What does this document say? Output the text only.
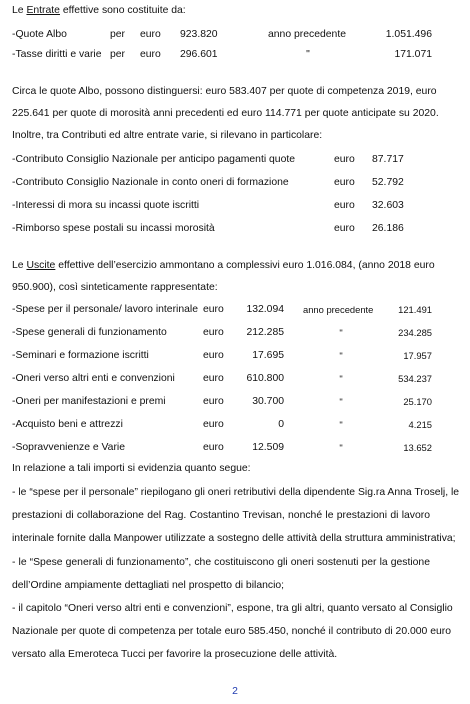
Le Entrate effettive sono costituite da:
-Quote Albo	per euro 923.820	anno precedente	1.051.496
-Tasse diritti e varie per euro 296.601	"	171.071
Circa le quote Albo, possono distinguersi: euro 583.407 per quote di competenza 2019, euro
225.641 per quote di morosità anni precedenti ed euro 114.771 per quote anticipate su 2020.
Inoltre, tra Contributi ed altre entrate varie, si rilevano in particolare:
-Contributo Consiglio Nazionale per anticipo pagamenti quote	euro 87.717
-Contributo Consiglio Nazionale in conto oneri di formazione	euro 52.792
-Interessi di mora su incassi quote iscritti	euro 32.603
-Rimborso spese postali su incassi morosità	euro 26.186
Le Uscite effettive dell’esercizio ammontano a complessivi euro 1.016.084, (anno 2018 euro
950.900), così sinteticamente rappresentate:
-Spese per il personale/ lavoro interinale euro	132.094 anno precedente	121.491
-Spese generali di funzionamento	euro	212.285	"	234.285
-Seminari e formazione iscritti	euro	17.695	"	17.957
-Oneri verso altri enti e convenzioni	euro	610.800	"	534.237
-Oneri per manifestazioni e premi	euro	30.700	"	25.170
-Acquisto beni e attrezzi	euro	0	"	4.215
-Sopravvenienze e Varie	euro	12.509	"	13.652
In relazione a tali importi si evidenzia quanto segue:
- le “spese per il personale” riepilogano gli oneri retributivi della dipendente Sig.ra Anna Troselj, le
prestazioni di collaborazione del Rag. Costantino Trevisan, nonché le prestazioni di lavoro
interinale fornite dalla Manpower utilizzate a sostegno delle attività della struttura amministrativa;
- le “Spese generali di funzionamento”, che costituiscono gli oneri sostenuti per la gestione
dell’Ordine ampiamente dettagliati nel prospetto di bilancio;
- il capitolo “Oneri verso altri enti e convenzioni”, espone, tra gli altri, quanto versato al Consiglio
Nazionale per quote di competenza per totale euro 585.450, nonché il contributo di 20.000 euro
versato alla Emeroteca Tucci per favorire la prosecuzione delle attività.
2
